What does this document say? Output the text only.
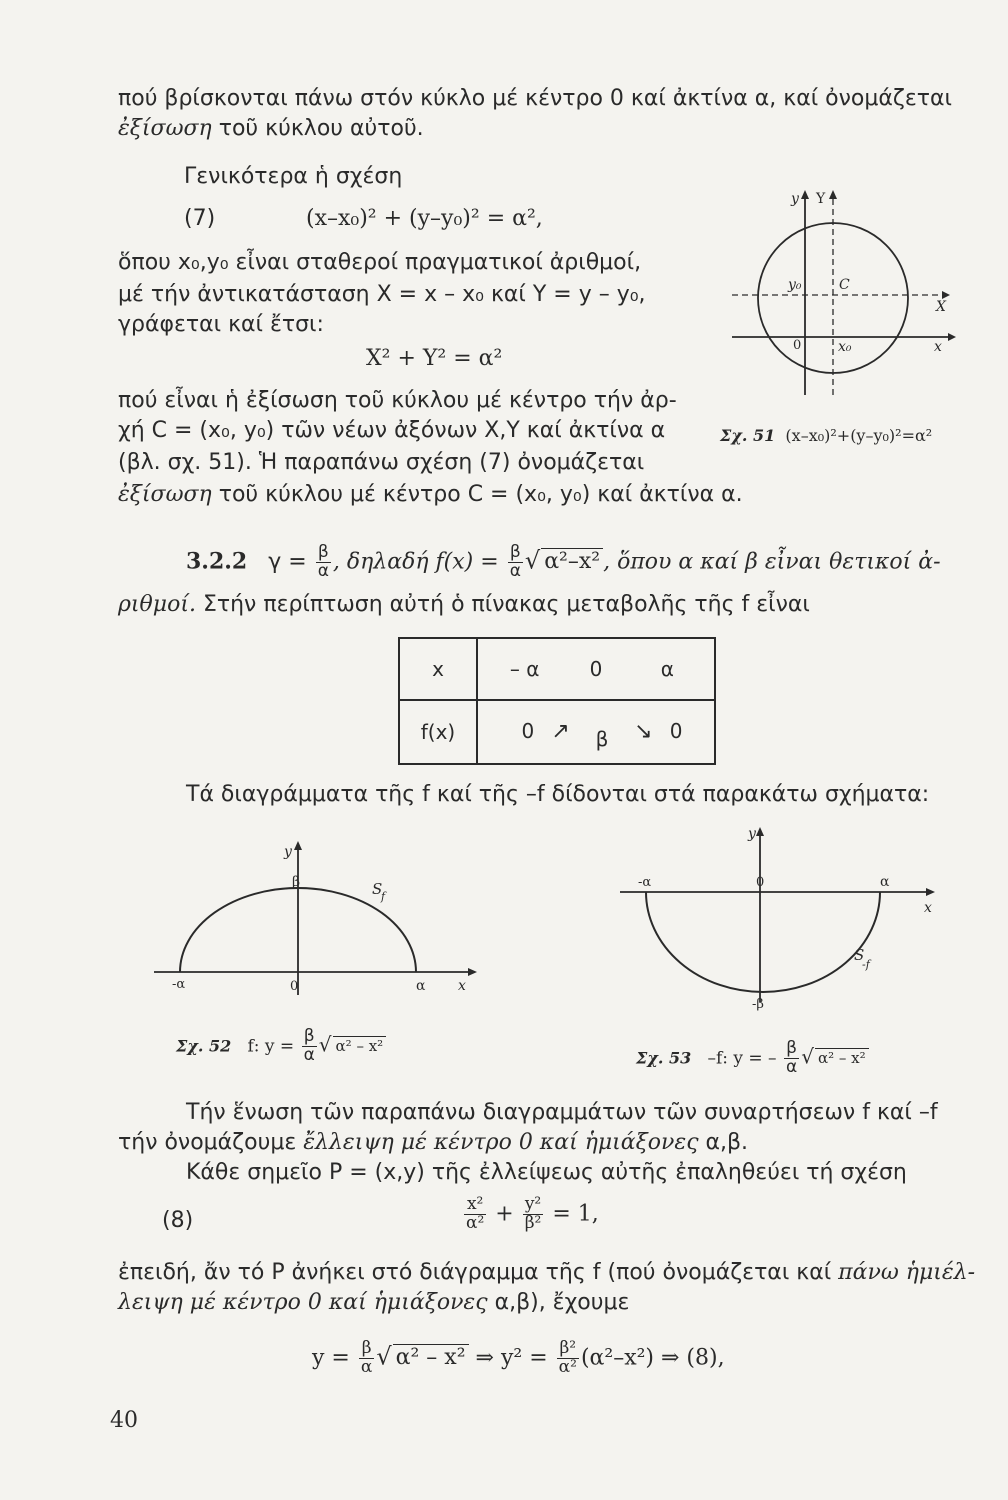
πού βρίσκονται πάνω στόν κύκλο μέ κέντρο 0 καί ἀκτίνα α, καί ὀνομάζεται
ἐξίσωση τοῦ κύκλου αὐτοῦ.
Γενικότερα ἡ σχέση
(7)	(x–x₀)² + (y–y₀)² = α²,
ὅπου x₀,y₀ εἶναι σταθεροί πραγματικοί ἀριθμοί,
μέ τήν ἀντικατάσταση X = x – x₀ καί Y = y – y₀,
γράφεται καί ἔτσι:
X² + Y² = α²
πού εἶναι ἡ ἐξίσωση τοῦ κύκλου μέ κέντρο τήν ἀρ-
χή C = (x₀, y₀) τῶν νέων ἀξόνων X,Y καί ἀκτίνα α
(βλ. σχ. 51). Ἡ παραπάνω σχέση (7) ὀνομάζεται
ἐξίσωση τοῦ κύκλου μέ κέντρο C = (x₀, y₀) καί ἀκτίνα α.
y Y
y₀	C
X
0	x₀	x
Σχ. 51 (x–x₀)²+(y–y₀)²=α²
3.2.2 $\gamma = \frac{\beta}{\alpha}$ , δηλαδή $f(x) = \frac{\beta}{\alpha}$ √ α²–x² , ὅπου α καί β εἶναι θετικοί ἀ-
ριθμοί. Στήν περίπτωση αὐτή ὁ πίνακας μεταβολῆς τῆς f εἶναι
x	– α 0 α
f(x)	0 ↗ β ↘ 0
Τά διαγράμματα τῆς f καί τῆς –f δίδονται στά παρακάτω σχήματα:
y
β	S
f
-α	0	α x
Σχ. 52 f: $y = \frac{\beta}{\alpha}$ √ α² – x²
y
-α	0	α
x
S
-f
-β
Σχ. 53 –f: y = – $\frac{\beta}{\alpha}$ √ α² – x²
Τήν ἕνωση τῶν παραπάνω διαγραμμάτων τῶν συναρτήσεων f καί –f
τήν ὀνομάζουμε ἔλλειψη μέ κέντρο 0 καί ἡμιάξονες α,β.
Κάθε σημεῖο P = (x,y) τῆς ἐλλείψεως αὐτῆς ἐπαληθεύει τή σχέση
(8)	$\frac{\text{x²}}{\text{α²}} + \frac{\text{y²}}{\text{β²}} = 1$,
ἐπειδή, ἄν τό P ἀνήκει στό διάγραμμα τῆς f (πού ὀνομάζεται καί πάνω ἡμιέλ-
λειψη μέ κέντρο 0 καί ἡμιάξονες α,β), ἔχουμε
$y = \frac{\beta}{\alpha}$ √ α² – x² ⇒ $y^2 = \frac{\text{β²}}{\text{α²}} (\alpha^2-x^2)$ ⇒ (8),
40
